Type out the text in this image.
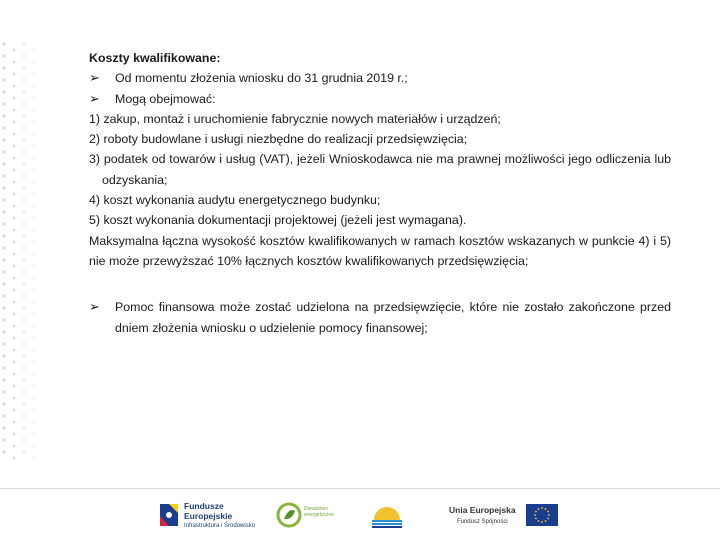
Koszty kwalifikowane:

➢	Od momentu złożenia wniosku do 31 grudnia 2019 r.;
➢	Mogą obejmować:

1) zakup, montaż i uruchomienie fabrycznie nowych materiałów i urządzeń;

2) roboty budowlane i usługi niezbędne do realizacji przedsięwzięcia;

3) podatek od towarów i usług (VAT), jeżeli Wnioskodawca nie ma prawnej możliwości jego odliczenia lub odzyskania;

4) koszt wykonania audytu energetycznego budynku;

5) koszt wykonania dokumentacji projektowej (jeżeli jest wymagana).

Maksymalna łączna wysokość kosztów kwalifikowanych w ramach kosztów wskazanych w punkcie 4) i 5) nie może przewyższać 10% łącznych kosztów kwalifikowanych przedsięwzięcia;

➢	Pomoc finansowa może zostać udzielona na przedsięwzięcie, które nie zostało zakończone przed dniem złożenia wniosku o udzielenie pomocy finansowej;
Fundusze
Europejskie
Infrastruktura i Środowisko
Doradztwo energetyczne	Unia Europejska
Fundusz Spójności
